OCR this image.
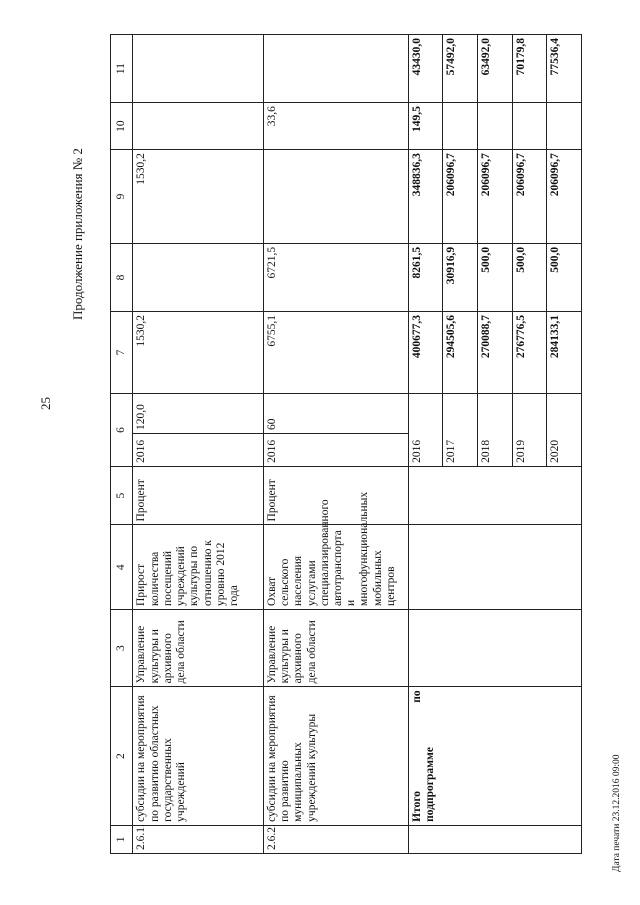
25
Продолжение приложения № 2
Дата печати 23.12.2016 09:00
1	2	3	4	5	6		7	8	9	10	11
2.6.1.	субсидии на мероприятия по развитию областных государственных учреждений	Управление культуры и архивного дела области	Прирост количества посещений учреждений культуры по отношению к уровню 2012 года	Процент	2016	120,0	1530,2		1530,2		
2.6.2.	субсидии на мероприятия по развитию муниципальных учреждений культуры	Управление культуры и архивного дела области	Охват сельского населения услугами специализированного автотранспорта и многофункциональных мобильных центров	Процент	2016	60	6755,1	6721,5		33,6	
	Итого
по
подпрограмме				2016		400677,3	8261,5	348836,3	149,5	43430,0
					2017		294505,6	30916,9	206096,7		57492,0
					2018		270088,7	500,0	206096,7		63492,0
					2019		276776,5	500,0	206096,7		70179,8
					2020		284133,1	500,0	206096,7		77536,4
